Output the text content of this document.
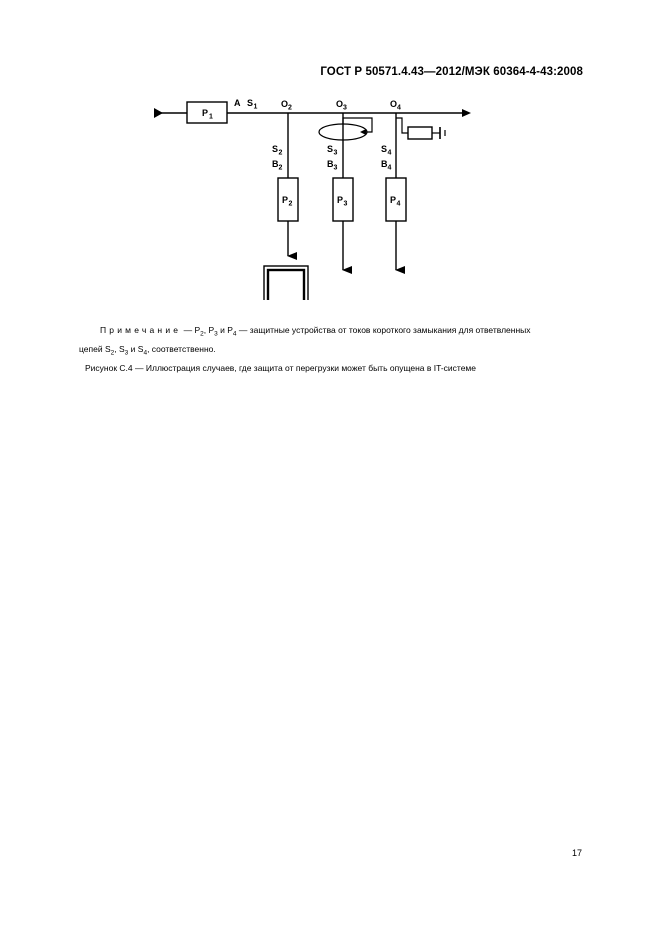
ГОСТ Р 50571.4.43—2012/МЭК 60364-4-43:2008
P 1
A S 1	O 2	O 3	O 4
S 2
B 2
P 2
S 3
B 3
P 3
S 4
B 4
P 4
Примечание — $P_2$, $P_3$ и $P_4$ — защитные устройства от токов короткого замыкания для ответвленных
цепей $S_2$, $S_3$ и $S_4$, соответственно.
Рисунок С.4 — Иллюстрация случаев, где защита от перегрузки может быть опущена в IT-системе
17
